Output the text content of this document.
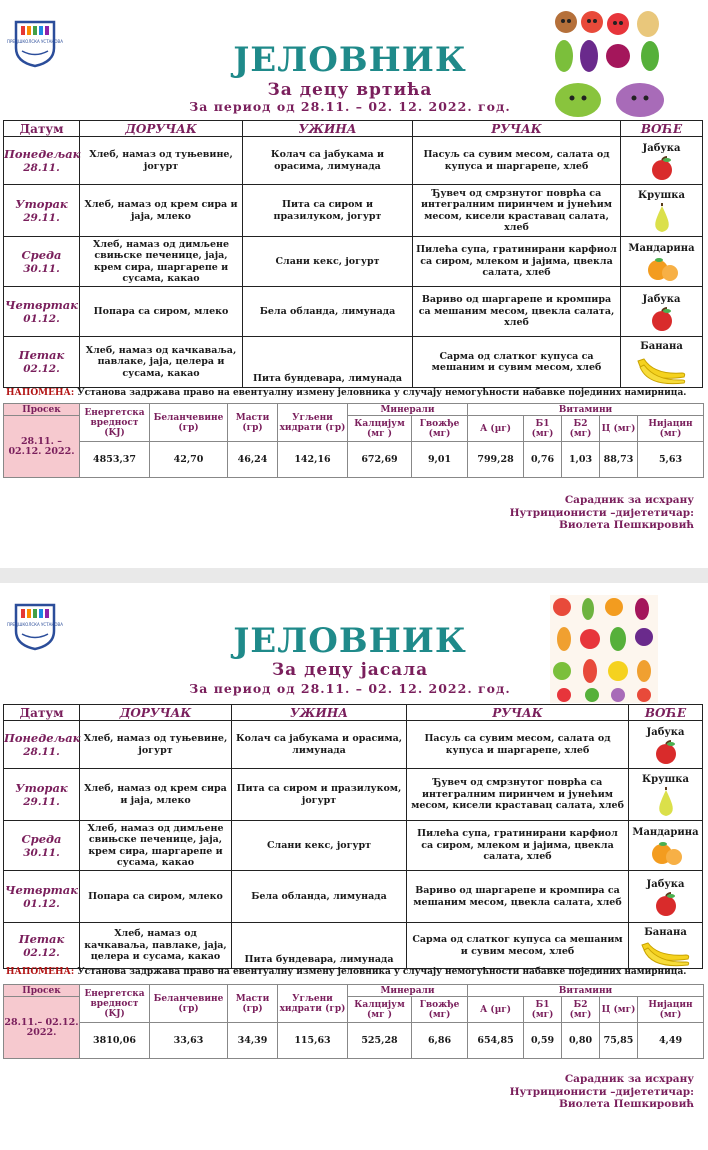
ПРЕДШКОЛСКА УСТАНОВА	ЈЕЛОВНИК
За децу вртића
За период од 28.11. – 02. 12. 2022. год.
Датум	ДОРУЧАК	УЖИНА	РУЧАК	ВОЋЕ
Понедељак
28.11.	Хлеб, намаз од туњевине, јогурт	Колач са јабукама и орасима, лимунада	Пасуљ са сувим месом, салата од купуса и шаргарепе, хлеб	Јабука

Уторак
29.11.	Хлеб, намаз од крем сира и јаја, млеко	Пита са сиром и празилуком, јогурт	Ђувеч од смрзнутог поврћа са интегралним пиринчем и јунећим месом, кисели краставац салата, хлеб	Крушка

Среда
30.11.	Хлеб, намаз од димљене свињске печенице, јаја, крем сира, шаргарепе и сусама, какао	Слани кекс, јогурт	Пилећа супа, гратинирани карфиол са сиром, млеком и јајима, цвекла салата, хлеб	Мандарина

Четвртак
01.12.	Попара са сиром, млеко	Бела обланда, лимунада	Вариво од шаргарепе и кромпира са мешаним месом, цвекла салата, хлеб	Јабука

Петак
02.12.	Хлеб, намаз од качкаваља, павлаке, јаја, целера и сусама, какао	Пита бундевара, лимунада	Сарма од слатког купуса са мешаним и сувим месом, хлеб	Банана
НАПОМЕНА: Установа задржава право на евентуалну измену јеловника у случају немогућности набавке појединих намирница.
Просек	Енергетска вредност (KЈ)	Беланчевине (гр)	Масти (гр)	Угљени хидрати (гр)	Минерали		Витамини				
28.11. – 02.12. 2022.					Калцијум (мг )	Гвожђе (мг)	А (µг)	Б1 (мг)	Б2 (мг)	Ц (мг)	Нијацин (мг)
	4853,37	42,70	46,24	142,16	672,69	9,01	799,28	0,76	1,03	88,73	5,63
Сарадник за исхрану
Нутриционисти –дијететичар:
Виолета Пешкировић
ПРЕДШКОЛСКА УСТАНОВА	ЈЕЛОВНИК
За децу јасала
За период од 28.11. – 02. 12. 2022. год.
Датум	ДОРУЧАК	УЖИНА	РУЧАК	ВОЋЕ
Понедељак
28.11.	Хлеб, намаз од туњевине, јогурт	Колач са јабукама и орасима, лимунада	Пасуљ са сувим месом, салата од купуса и шаргарепе, хлеб	Јабука

Уторак
29.11.	Хлеб, намаз од крем сира и јаја, млеко	Пита са сиром и празилуком, јогурт	Ђувеч од смрзнутог поврћа са интегралним пиринчем и јунећим месом, кисели краставац салата, хлеб	Крушка

Среда
30.11.	Хлеб, намаз од димљене свињске печенице, јаја, крем сира, шаргарепе и сусама, какао	Слани кекс, јогурт	Пилећа супа, гратинирани карфиол са сиром, млеком и јајима, цвекла салата, хлеб	Мандарина

Четвртак
01.12.	Попара са сиром, млеко	Бела обланда, лимунада	Вариво од шаргарепе и кромпира са мешаним месом, цвекла салата, хлеб	Јабука

Петак
02.12.	Хлеб, намаз од качкаваља, павлаке, јаја, целера и сусама, какао	Пита бундевара, лимунада	Сарма од слатког купуса са мешаним и сувим месом, хлеб	Банана
НАПОМЕНА: Установа задржава право на евентуалну измену јеловника у случају немогућности набавке појединих намирница.
Просек	Енергетска вредност (KЈ)	Беланчевине (гр)	Масти (гр)	Угљени хидрати (гр)	Минерали		Витамини				
28.11.– 02.12. 2022.					Калцијум (мг )	Гвожђе (мг)	А (µг)	Б1 (мг)	Б2 (мг)	Ц (мг)	Нијацин (мг)
	3810,06	33,63	34,39	115,63	525,28	6,86	654,85	0,59	0,80	75,85	4,49
Сарадник за исхрану
Нутриционисти –дијететичар:
Виолета Пешкировић
